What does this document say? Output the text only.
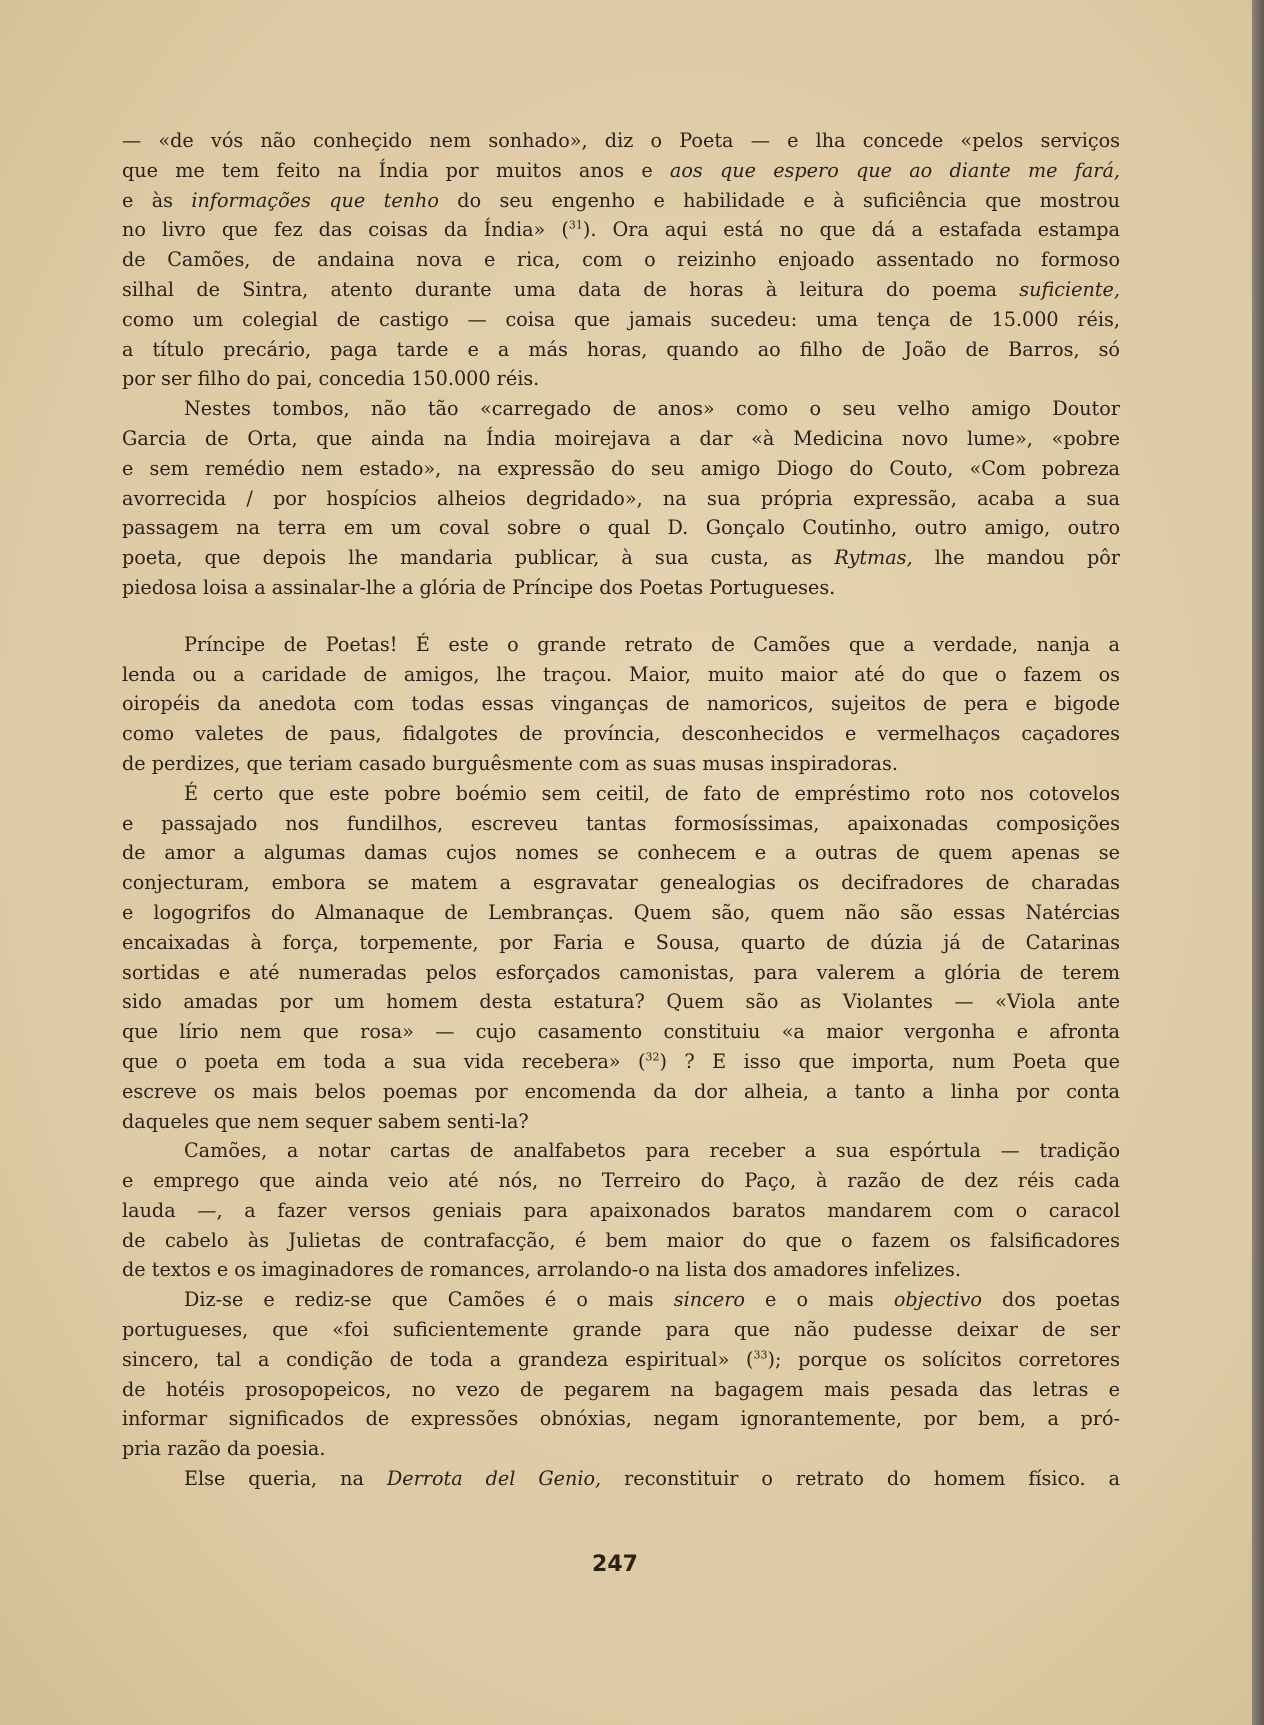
— «de vós não conheçido nem sonhado», diz o Poeta — e lha concede «pelos serviços

que me tem feito na Índia por muitos anos e aos que espero que ao diante me fará,

e às informações que tenho do seu engenho e habilidade e à suficiência que mostrou

no livro que fez das coisas da Índia» ($^{31}$). Ora aqui está no que dá a estafada estampa

de Camões, de andaina nova e rica, com o reizinho enjoado assentado no formoso

silhal de Sintra, atento durante uma data de horas à leitura do poema suficiente,

como um colegial de castigo — coisa que jamais sucedeu: uma tença de 15.000 réis,

a título precário, paga tarde e a más horas, quando ao filho de João de Barros, só

por ser filho do pai, concedia 150.000 réis.

Nestes tombos, não tão «carregado de anos» como o seu velho amigo Doutor

Garcia de Orta, que ainda na Índia moirejava a dar «à Medicina novo lume», «pobre

e sem remédio nem estado», na expressão do seu amigo Diogo do Couto, «Com pobreza

avorrecida / por hospícios alheios degridado», na sua própria expressão, acaba a sua

passagem na terra em um coval sobre o qual D. Gonçalo Coutinho, outro amigo, outro

poeta, que depois lhe mandaria publicar, à sua custa, as Rytmas, lhe mandou pôr

piedosa loisa a assinalar-lhe a glória de Príncipe dos Poetas Portugueses.

Príncipe de Poetas! É este o grande retrato de Camões que a verdade, nanja a

lenda ou a caridade de amigos, lhe traçou. Maior, muito maior até do que o fazem os

oiropéis da anedota com todas essas vinganças de namoricos, sujeitos de pera e bigode

como valetes de paus, fidalgotes de província, desconhecidos e vermelhaços caçadores

de perdizes, que teriam casado burguêsmente com as suas musas inspiradoras.

É certo que este pobre boémio sem ceitil, de fato de empréstimo roto nos cotovelos

e passajado nos fundilhos, escreveu tantas formosíssimas, apaixonadas composições

de amor a algumas damas cujos nomes se conhecem e a outras de quem apenas se

conjecturam, embora se matem a esgravatar genealogias os decifradores de charadas

e logogrifos do Almanaque de Lembranças. Quem são, quem não são essas Natércias

encaixadas à força, torpemente, por Faria e Sousa, quarto de dúzia já de Catarinas

sortidas e até numeradas pelos esforçados camonistas, para valerem a glória de terem

sido amadas por um homem desta estatura? Quem são as Violantes — «Viola ante

que lírio nem que rosa» — cujo casamento constituiu «a maior vergonha e afronta

que o poeta em toda a sua vida recebera» ($^{32}$) ? E isso que importa, num Poeta que

escreve os mais belos poemas por encomenda da dor alheia, a tanto a linha por conta

daqueles que nem sequer sabem senti-la?

Camões, a notar cartas de analfabetos para receber a sua espórtula — tradição

e emprego que ainda veio até nós, no Terreiro do Paço, à razão de dez réis cada

lauda —, a fazer versos geniais para apaixonados baratos mandarem com o caracol

de cabelo às Julietas de contrafacção, é bem maior do que o fazem os falsificadores

de textos e os imaginadores de romances, arrolando-o na lista dos amadores infelizes.

Diz-se e rediz-se que Camões é o mais sincero e o mais objectivo dos poetas

portugueses, que «foi suficientemente grande para que não pudesse deixar de ser

sincero, tal a condição de toda a grandeza espiritual» ($^{33}$); porque os solícitos corretores

de hotéis prosopopeicos, no vezo de pegarem na bagagem mais pesada das letras e

informar significados de expressões obnóxias, negam ignorantemente, por bem, a pró-

pria razão da poesia.

Else queria, na Derrota del Genio, reconstituir o retrato do homem físico. a

247
